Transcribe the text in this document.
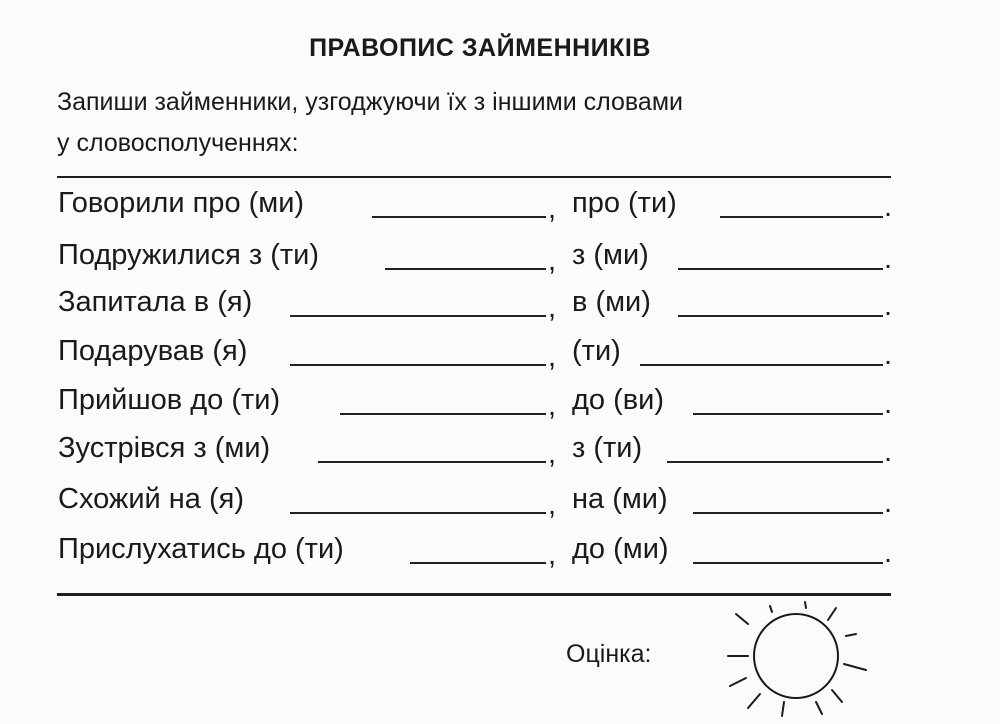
ПРАВОПИС ЗАЙМЕННИКІВ
Запиши займенники, узгоджуючи їх з іншими словами
у словосполученнях:
Говорили про (ми)	, про (ти)	.
Подружилися з (ти)	, з (ми)	.
Запитала в (я)	, в (ми)	.
Подарував (я)	, (ти)	.
Прийшов до (ти)	, до (ви)	.
Зустрівся з (ми)	, з (ти)	.
Схожий на (я)	, на (ми)	.
Прислухатись до (ти)	, до (ми)	.
Оцінка:
